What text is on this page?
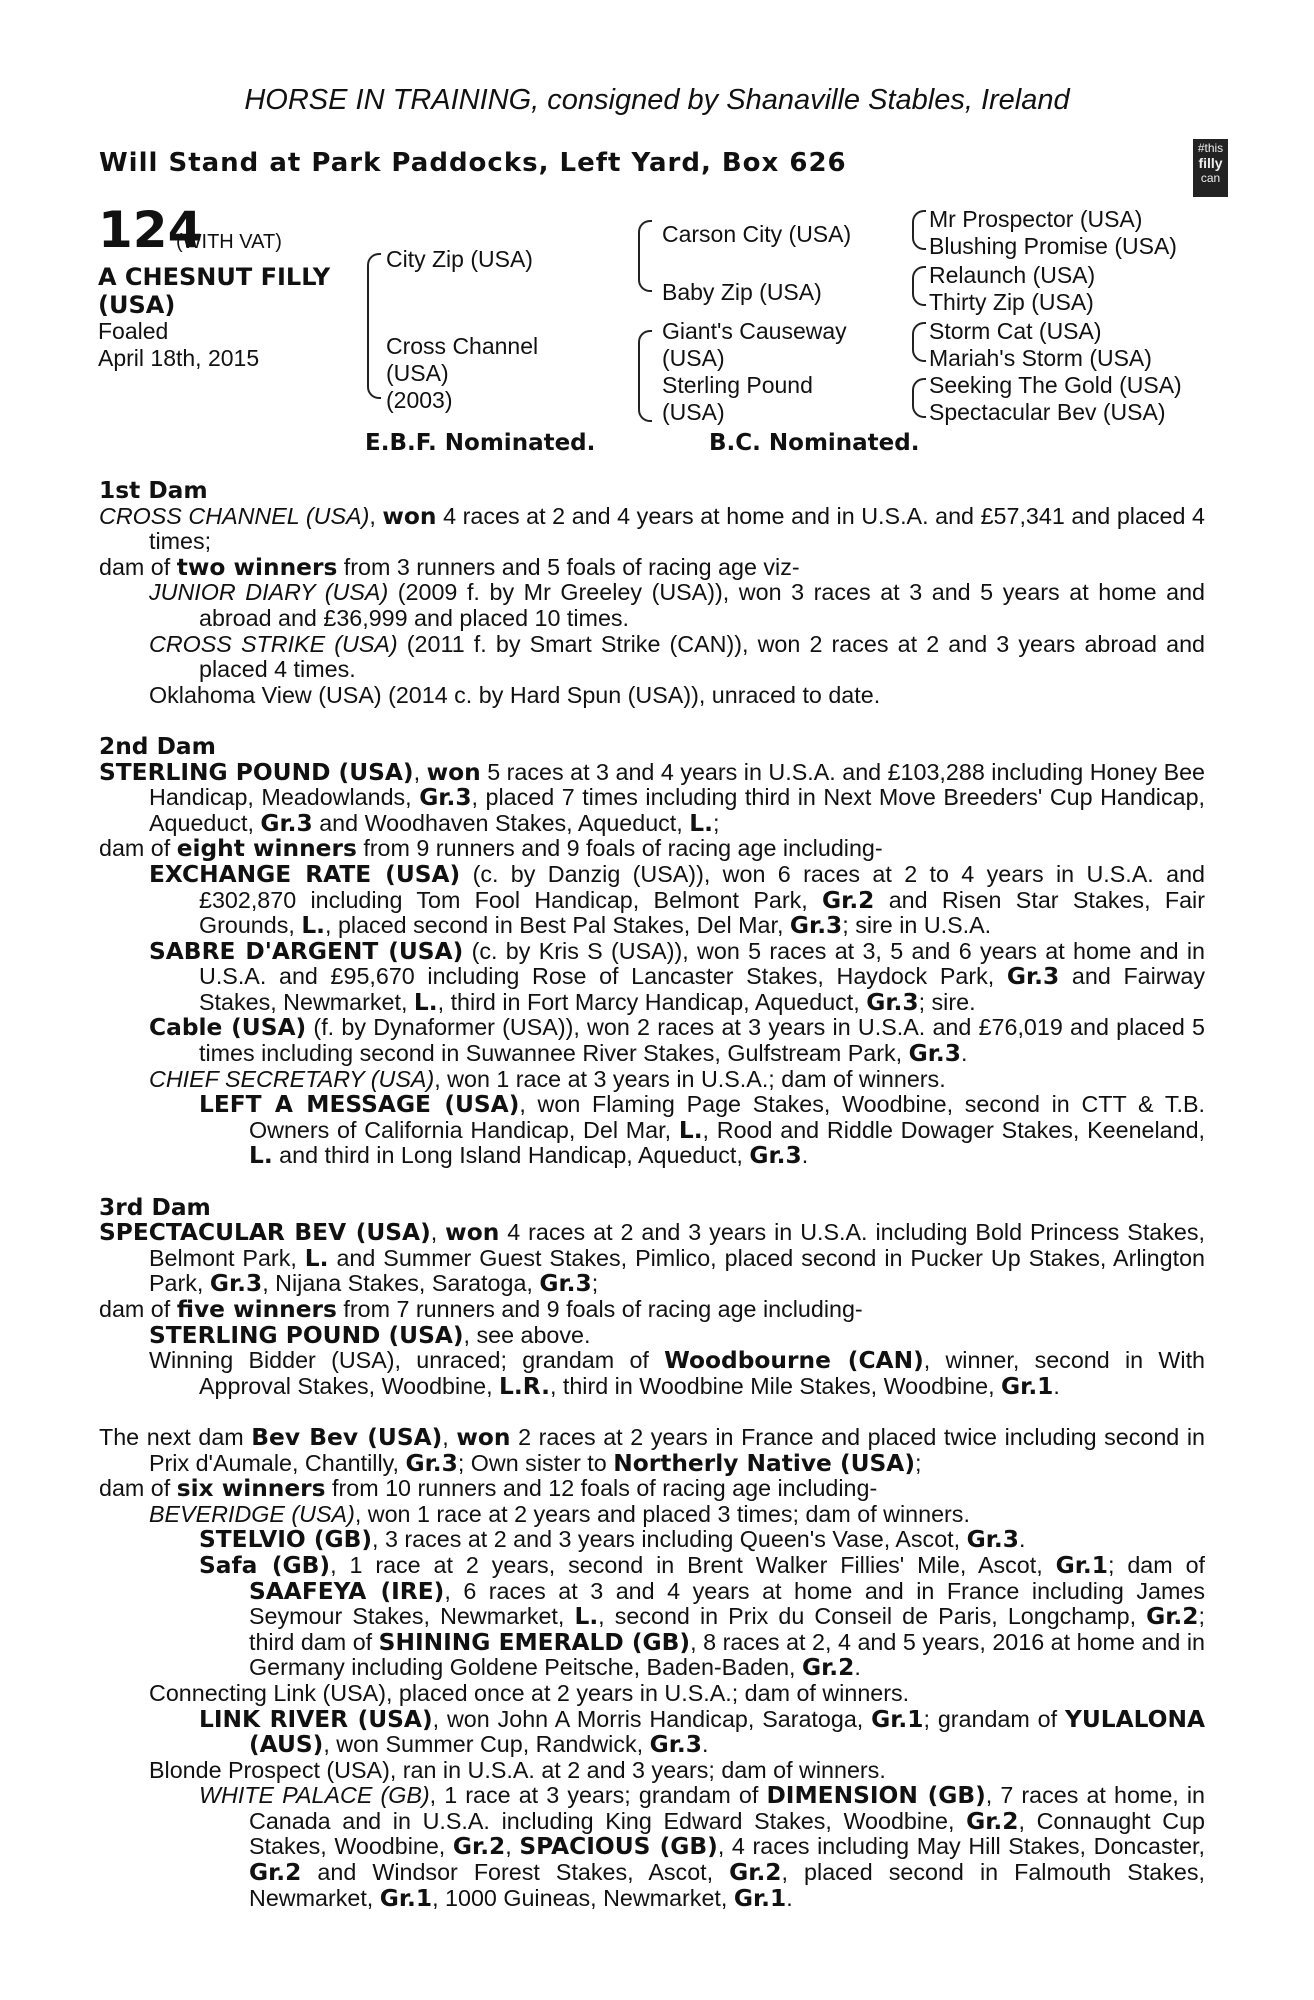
HORSE IN TRAINING, consigned by Shanaville Stables, Ireland
Will Stand at Park Paddocks, Left Yard, Box 626	#this
filly
can
124
(WITH VAT)
A CHESNUT FILLY
(USA)
Foaled
April 18th, 2015
City Zip (USA)
Cross Channel
(USA)
(2003)
Carson City (USA)
Baby Zip (USA)
Giant's Causeway
(USA)
Sterling Pound
(USA)
Mr Prospector (USA)
Blushing Promise (USA)
Relaunch (USA)
Thirty Zip (USA)
Storm Cat (USA)
Mariah's Storm (USA)
Seeking The Gold (USA)
Spectacular Bev (USA)
E.B.F. Nominated.	B.C. Nominated.
1st Dam
CROSS CHANNEL (USA), won 4 races at 2 and 4 years at home and in U.S.A. and £57,341 and placed 4 times;
dam of two winners from 3 runners and 5 foals of racing age viz-
JUNIOR DIARY (USA) (2009 f. by Mr Greeley (USA)), won 3 races at 3 and 5 years at home and abroad and £36,999 and placed 10 times.
CROSS STRIKE (USA) (2011 f. by Smart Strike (CAN)), won 2 races at 2 and 3 years abroad and placed 4 times.
Oklahoma View (USA) (2014 c. by Hard Spun (USA)), unraced to date.
2nd Dam
STERLING POUND (USA), won 5 races at 3 and 4 years in U.S.A. and £103,288 including Honey Bee Handicap, Meadowlands, Gr.3, placed 7 times including third in Next Move Breeders' Cup Handicap, Aqueduct, Gr.3 and Woodhaven Stakes, Aqueduct, L.;
dam of eight winners from 9 runners and 9 foals of racing age including-
EXCHANGE RATE (USA) (c. by Danzig (USA)), won 6 races at 2 to 4 years in U.S.A. and £302,870 including Tom Fool Handicap, Belmont Park, Gr.2 and Risen Star Stakes, Fair Grounds, L., placed second in Best Pal Stakes, Del Mar, Gr.3; sire in U.S.A.
SABRE D'ARGENT (USA) (c. by Kris S (USA)), won 5 races at 3, 5 and 6 years at home and in U.S.A. and £95,670 including Rose of Lancaster Stakes, Haydock Park, Gr.3 and Fairway Stakes, Newmarket, L., third in Fort Marcy Handicap, Aqueduct, Gr.3; sire.
Cable (USA) (f. by Dynaformer (USA)), won 2 races at 3 years in U.S.A. and £76,019 and placed 5 times including second in Suwannee River Stakes, Gulfstream Park, Gr.3.
CHIEF SECRETARY (USA), won 1 race at 3 years in U.S.A.; dam of winners.
LEFT A MESSAGE (USA), won Flaming Page Stakes, Woodbine, second in CTT & T.B. Owners of California Handicap, Del Mar, L., Rood and Riddle Dowager Stakes, Keeneland, L. and third in Long Island Handicap, Aqueduct, Gr.3.
3rd Dam
SPECTACULAR BEV (USA), won 4 races at 2 and 3 years in U.S.A. including Bold Princess Stakes, Belmont Park, L. and Summer Guest Stakes, Pimlico, placed second in Pucker Up Stakes, Arlington Park, Gr.3, Nijana Stakes, Saratoga, Gr.3;
dam of five winners from 7 runners and 9 foals of racing age including-
STERLING POUND (USA), see above.
Winning Bidder (USA), unraced; grandam of Woodbourne (CAN), winner, second in With Approval Stakes, Woodbine, L.R., third in Woodbine Mile Stakes, Woodbine, Gr.1.
The next dam Bev Bev (USA), won 2 races at 2 years in France and placed twice including second in Prix d'Aumale, Chantilly, Gr.3; Own sister to Northerly Native (USA);
dam of six winners from 10 runners and 12 foals of racing age including-
BEVERIDGE (USA), won 1 race at 2 years and placed 3 times; dam of winners.
STELVIO (GB), 3 races at 2 and 3 years including Queen's Vase, Ascot, Gr.3.
Safa (GB), 1 race at 2 years, second in Brent Walker Fillies' Mile, Ascot, Gr.1; dam of SAAFEYA (IRE), 6 races at 3 and 4 years at home and in France including James Seymour Stakes, Newmarket, L., second in Prix du Conseil de Paris, Longchamp, Gr.2; third dam of SHINING EMERALD (GB), 8 races at 2, 4 and 5 years, 2016 at home and in Germany including Goldene Peitsche, Baden-Baden, Gr.2.
Connecting Link (USA), placed once at 2 years in U.S.A.; dam of winners.
LINK RIVER (USA), won John A Morris Handicap, Saratoga, Gr.1; grandam of YULALONA (AUS), won Summer Cup, Randwick, Gr.3.
Blonde Prospect (USA), ran in U.S.A. at 2 and 3 years; dam of winners.
WHITE PALACE (GB), 1 race at 3 years; grandam of DIMENSION (GB), 7 races at home, in Canada and in U.S.A. including King Edward Stakes, Woodbine, Gr.2, Connaught Cup Stakes, Woodbine, Gr.2, SPACIOUS (GB), 4 races including May Hill Stakes, Doncaster, Gr.2 and Windsor Forest Stakes, Ascot, Gr.2, placed second in Falmouth Stakes, Newmarket, Gr.1, 1000 Guineas, Newmarket, Gr.1.
